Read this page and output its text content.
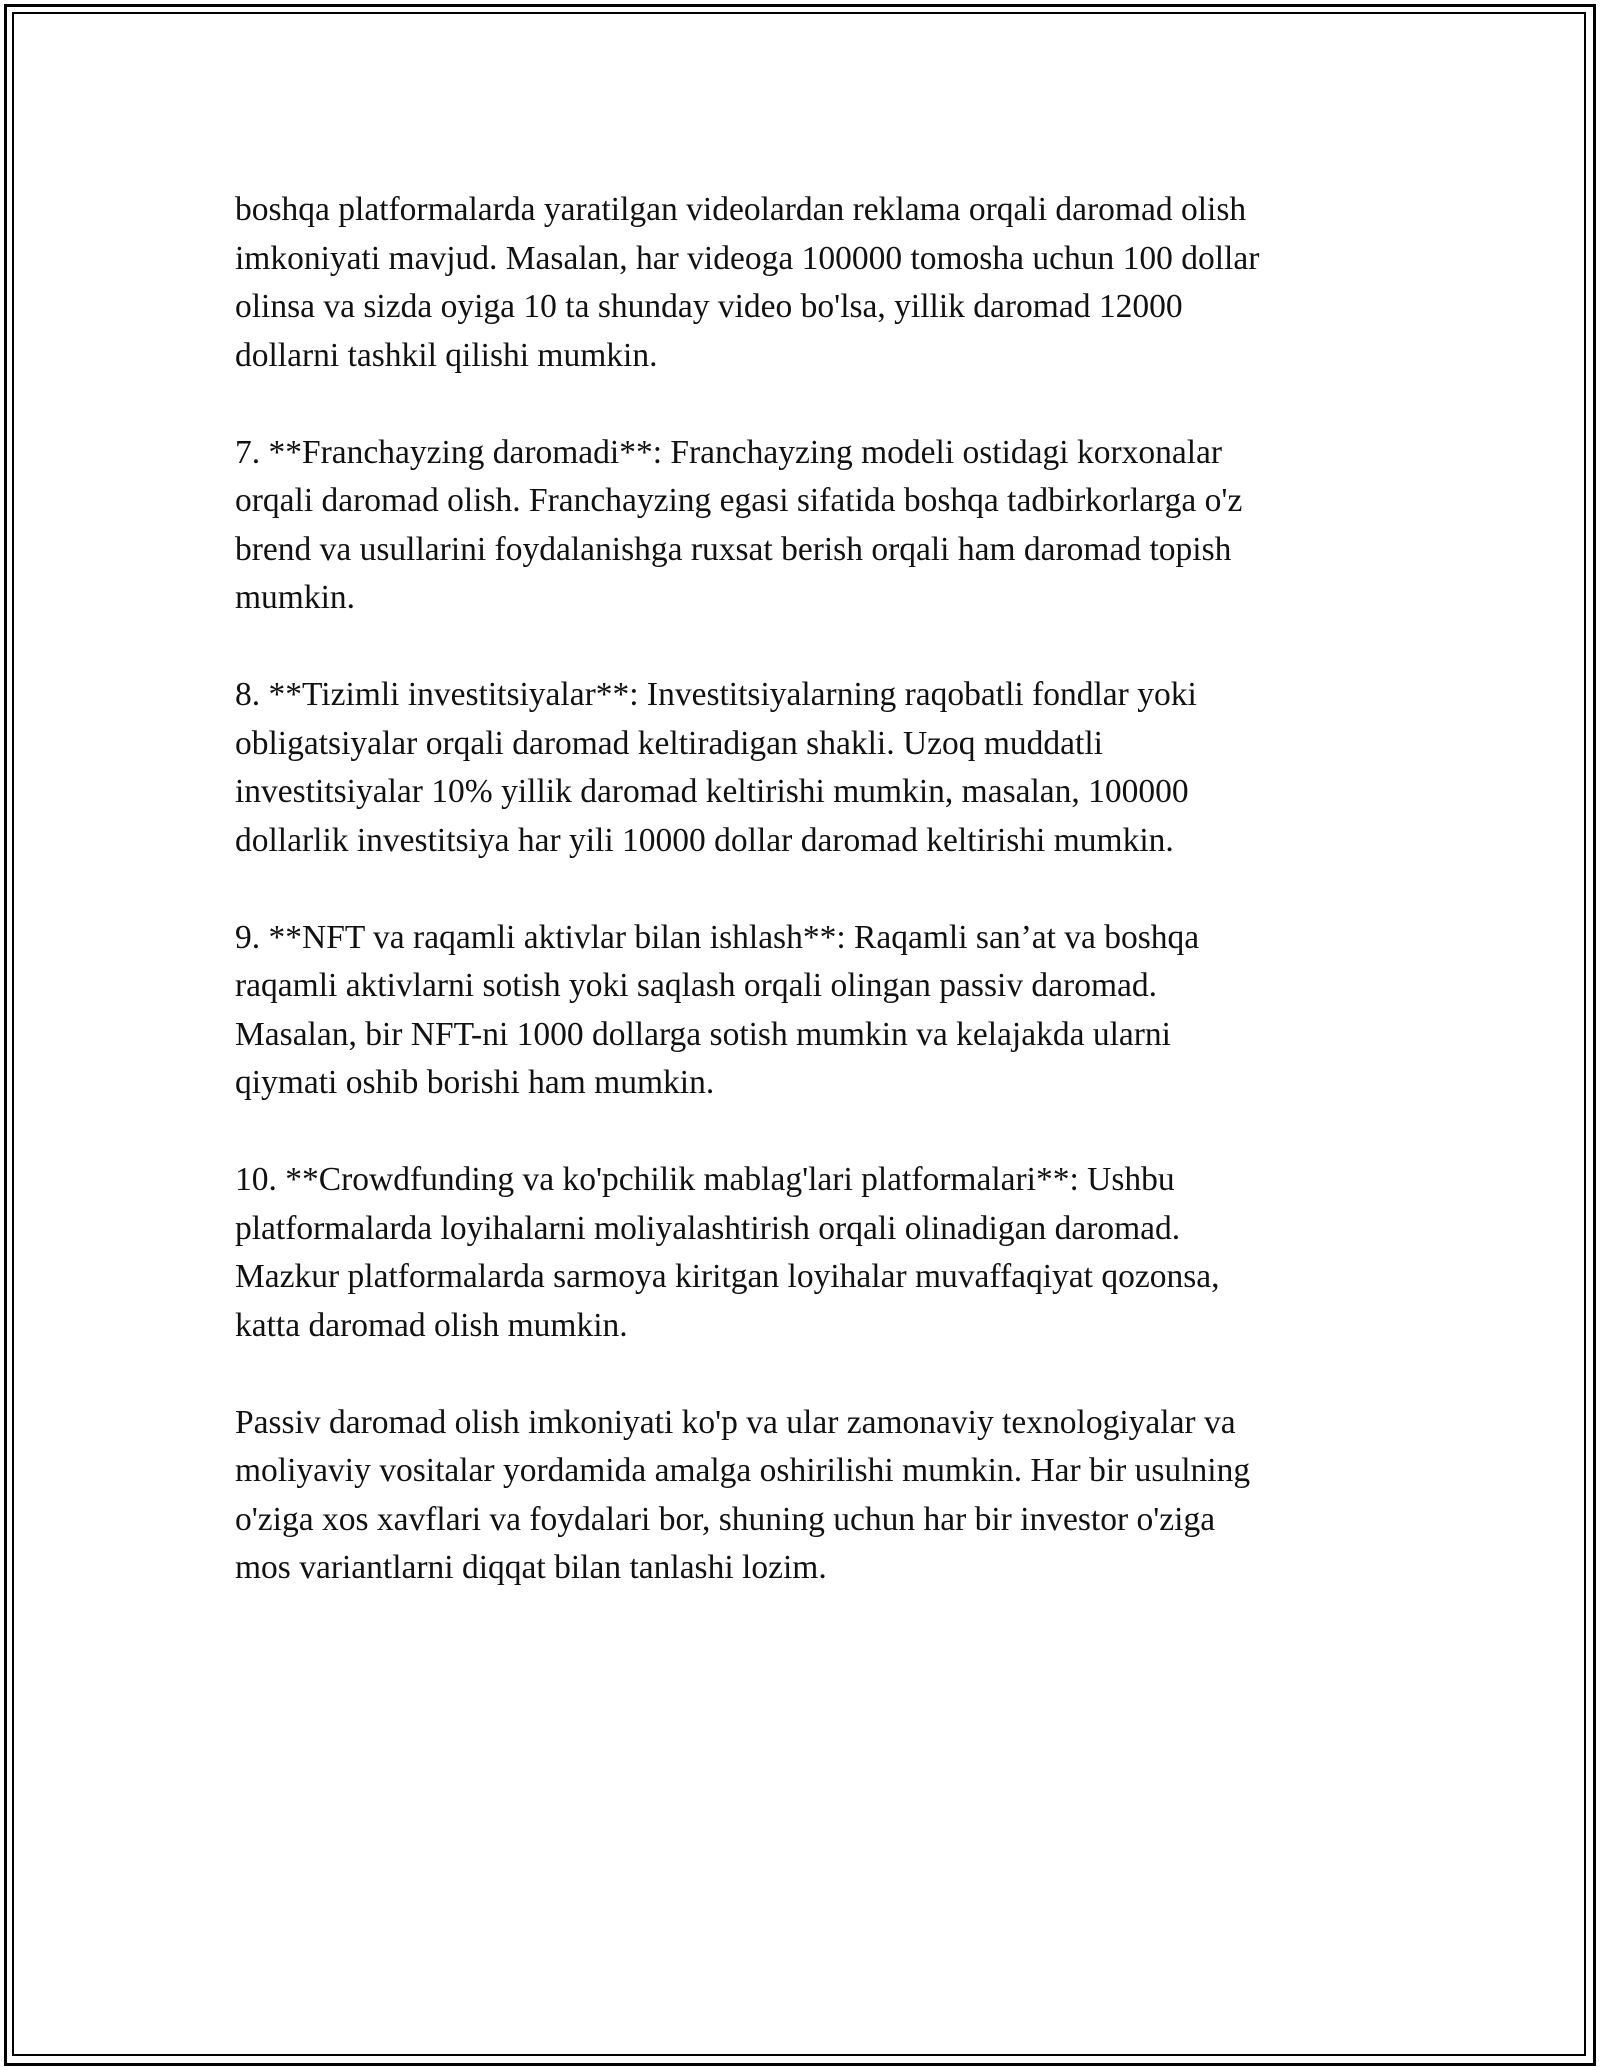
boshqa platformalarda yaratilgan videolardan reklama orqali daromad olish
imkoniyati mavjud. Masalan, har videoga 100000 tomosha uchun 100 dollar
olinsa va sizda oyiga 10 ta shunday video bo'lsa, yillik daromad 12000
dollarni tashkil qilishi mumkin.

7. **Franchayzing daromadi**: Franchayzing modeli ostidagi korxonalar
orqali daromad olish. Franchayzing egasi sifatida boshqa tadbirkorlarga o'z
brend va usullarini foydalanishga ruxsat berish orqali ham daromad topish
mumkin.

8. **Tizimli investitsiyalar**: Investitsiyalarning raqobatli fondlar yoki
obligatsiyalar orqali daromad keltiradigan shakli. Uzoq muddatli
investitsiyalar 10% yillik daromad keltirishi mumkin, masalan, 100000
dollarlik investitsiya har yili 10000 dollar daromad keltirishi mumkin.

9. **NFT va raqamli aktivlar bilan ishlash**: Raqamli san’at va boshqa
raqamli aktivlarni sotish yoki saqlash orqali olingan passiv daromad.
Masalan, bir NFT-ni 1000 dollarga sotish mumkin va kelajakda ularni
qiymati oshib borishi ham mumkin.

10. **Crowdfunding va ko'pchilik mablag'lari platformalari**: Ushbu
platformalarda loyihalarni moliyalashtirish orqali olinadigan daromad.
Mazkur platformalarda sarmoya kiritgan loyihalar muvaffaqiyat qozonsa,
katta daromad olish mumkin.

Passiv daromad olish imkoniyati ko'p va ular zamonaviy texnologiyalar va
moliyaviy vositalar yordamida amalga oshirilishi mumkin. Har bir usulning
o'ziga xos xavflari va foydalari bor, shuning uchun har bir investor o'ziga
mos variantlarni diqqat bilan tanlashi lozim.
